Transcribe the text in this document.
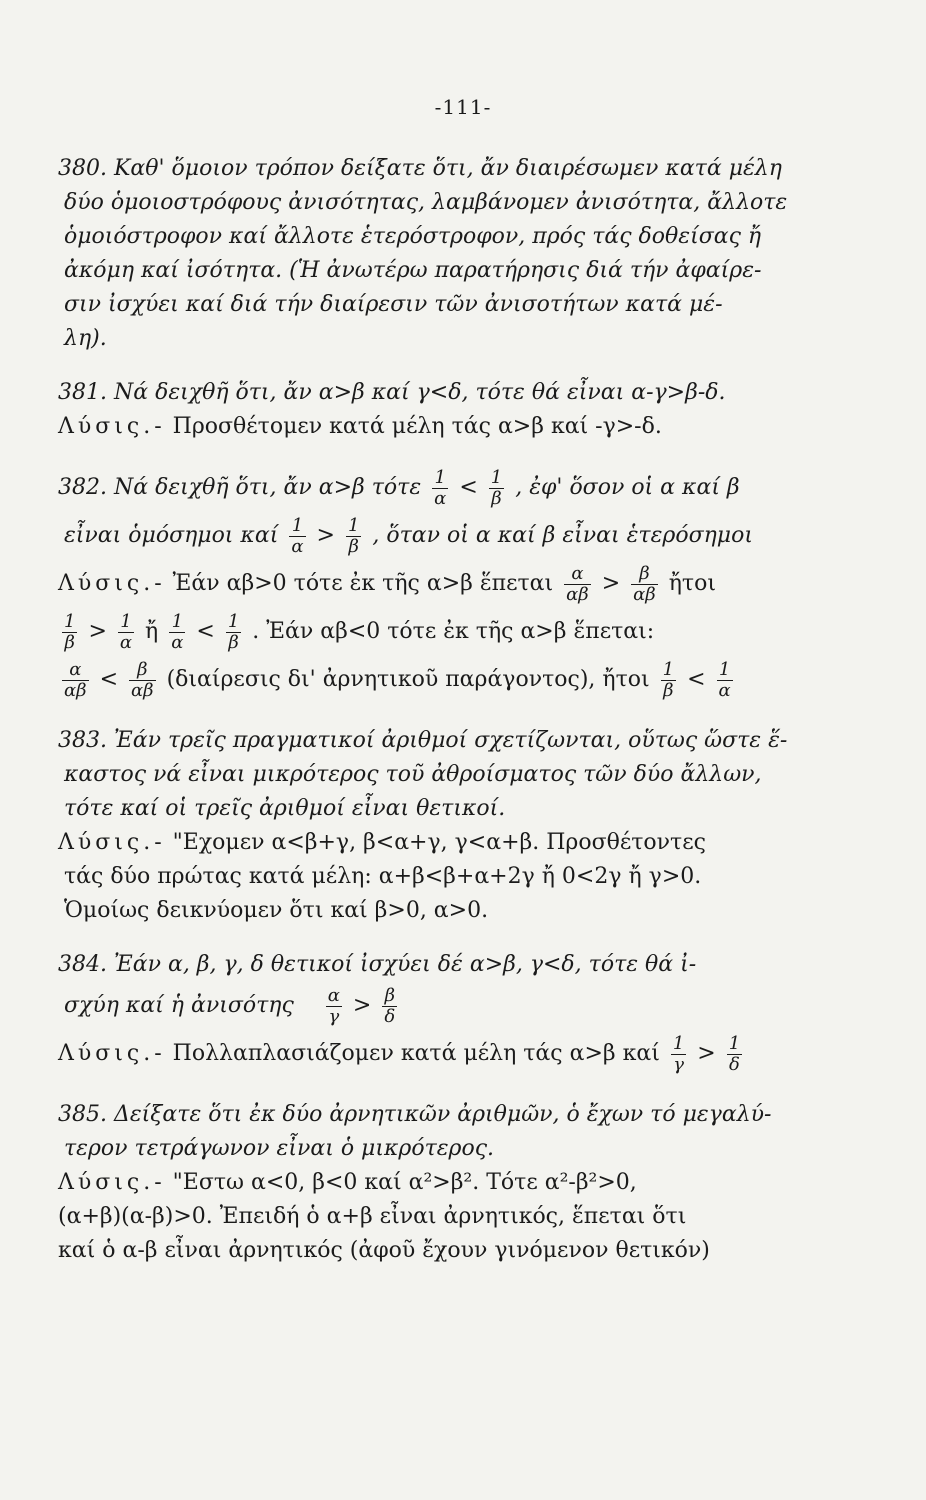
-111-
380. Καθ' ὅμοιον τρόπον δείξατε ὅτι, ἄν διαιρέσωμεν κατά μέλη
δύο ὁμοιοστρόφους ἀνισότητας, λαμβάνομεν ἀνισότητα, ἄλλοτε
ὁμοιόστροφον καί ἄλλοτε ἑτερόστροφον, πρός τάς δοθείσας ἤ
ἀκόμη καί ἰσότητα. (Ἡ ἀνωτέρω παρατήρησις διά τήν ἀφαίρε-
σιν ἰσχύει καί διά τήν διαίρεσιν τῶν ἀνισοτήτων κατά μέ-
λη).
381. Νά δειχθῆ ὅτι, ἄν α>β καί γ<δ, τότε θά εἶναι α-γ>β-δ.
Λύσις.- Προσθέτομεν κατά μέλη τάς α>β καί -γ>-δ.
382. Νά δειχθῆ ὅτι, ἄν α>β τότε $\frac{1}{\alpha} < \frac{1}{\beta}$ , ἐφ' ὅσον οἱ α καί β
εἶναι ὁμόσημοι καί $\frac{1}{\alpha} > \frac{1}{\beta}$ , ὅταν οἱ α καί β εἶναι ἑτερόσημοι
Λύσις.- Ἐάν αβ>0 τότε ἐκ τῆς α>β ἕπεται $\frac{\alpha}{\alpha\beta} > \frac{\beta}{\alpha\beta}$ ἤτοι
$\frac{1}{\beta} > \frac{1}{\alpha}$ ἤ $\frac{1}{\alpha} < \frac{1}{\beta}$ . Ἐάν αβ<0 τότε ἐκ τῆς α>β ἕπεται:
$\frac{\alpha}{\alpha\beta} < \frac{\beta}{\alpha\beta} (\delta\iota\alpha ί\rho\varepsilon\sigma\iota\varsigma$ δι' ἀρνητικοῦ παράγοντος), ἤτοι $\frac{1}{\beta} < \frac{1}{\alpha}$
383. Ἐάν τρεῖς πραγματικοί ἀριθμοί σχετίζωνται, οὕτως ὥστε ἕ-
καστος νά εἶναι μικρότερος τοῦ ἀθροίσματος τῶν δύο ἄλλων,
τότε καί οἱ τρεῖς ἀριθμοί εἶναι θετικοί.
Λύσις.- "Εχομεν α<β+γ, β<α+γ, γ<α+β. Προσθέτοντες
τάς δύο πρώτας κατά μέλη: α+β<β+α+2γ ἤ 0<2γ ἤ γ>0.
Ὁμοίως δεικνύομεν ὅτι καί β>0, α>0.
384. Ἐάν α, β, γ, δ θετικοί ἰσχύει δέ α>β, γ<δ, τότε θά ἰ-
σχύη καί ἡ ἀνισότης $\frac{\alpha}{\gamma} > \frac{\beta}{\delta}$
Λύσις.- Πολλαπλασιάζομεν κατά μέλη τάς α>β καί $\frac{1}{\gamma} > \frac{1}{\delta}$
385. Δείξατε ὅτι ἐκ δύο ἀρνητικῶν ἀριθμῶν, ὁ ἔχων τό μεγαλύ-
τερον τετράγωνον εἶναι ὁ μικρότερος.
Λύσις.- "Εστω α<0, β<0 καί α²>β². Τότε α²-β²>0,
(α+β)(α-β)>0. Ἐπειδή ὁ α+β εἶναι ἀρνητικός, ἕπεται ὅτι
καί ὁ α-β εἶναι ἀρνητικός (ἀφοῦ ἔχουν γινόμενον θετικόν)
